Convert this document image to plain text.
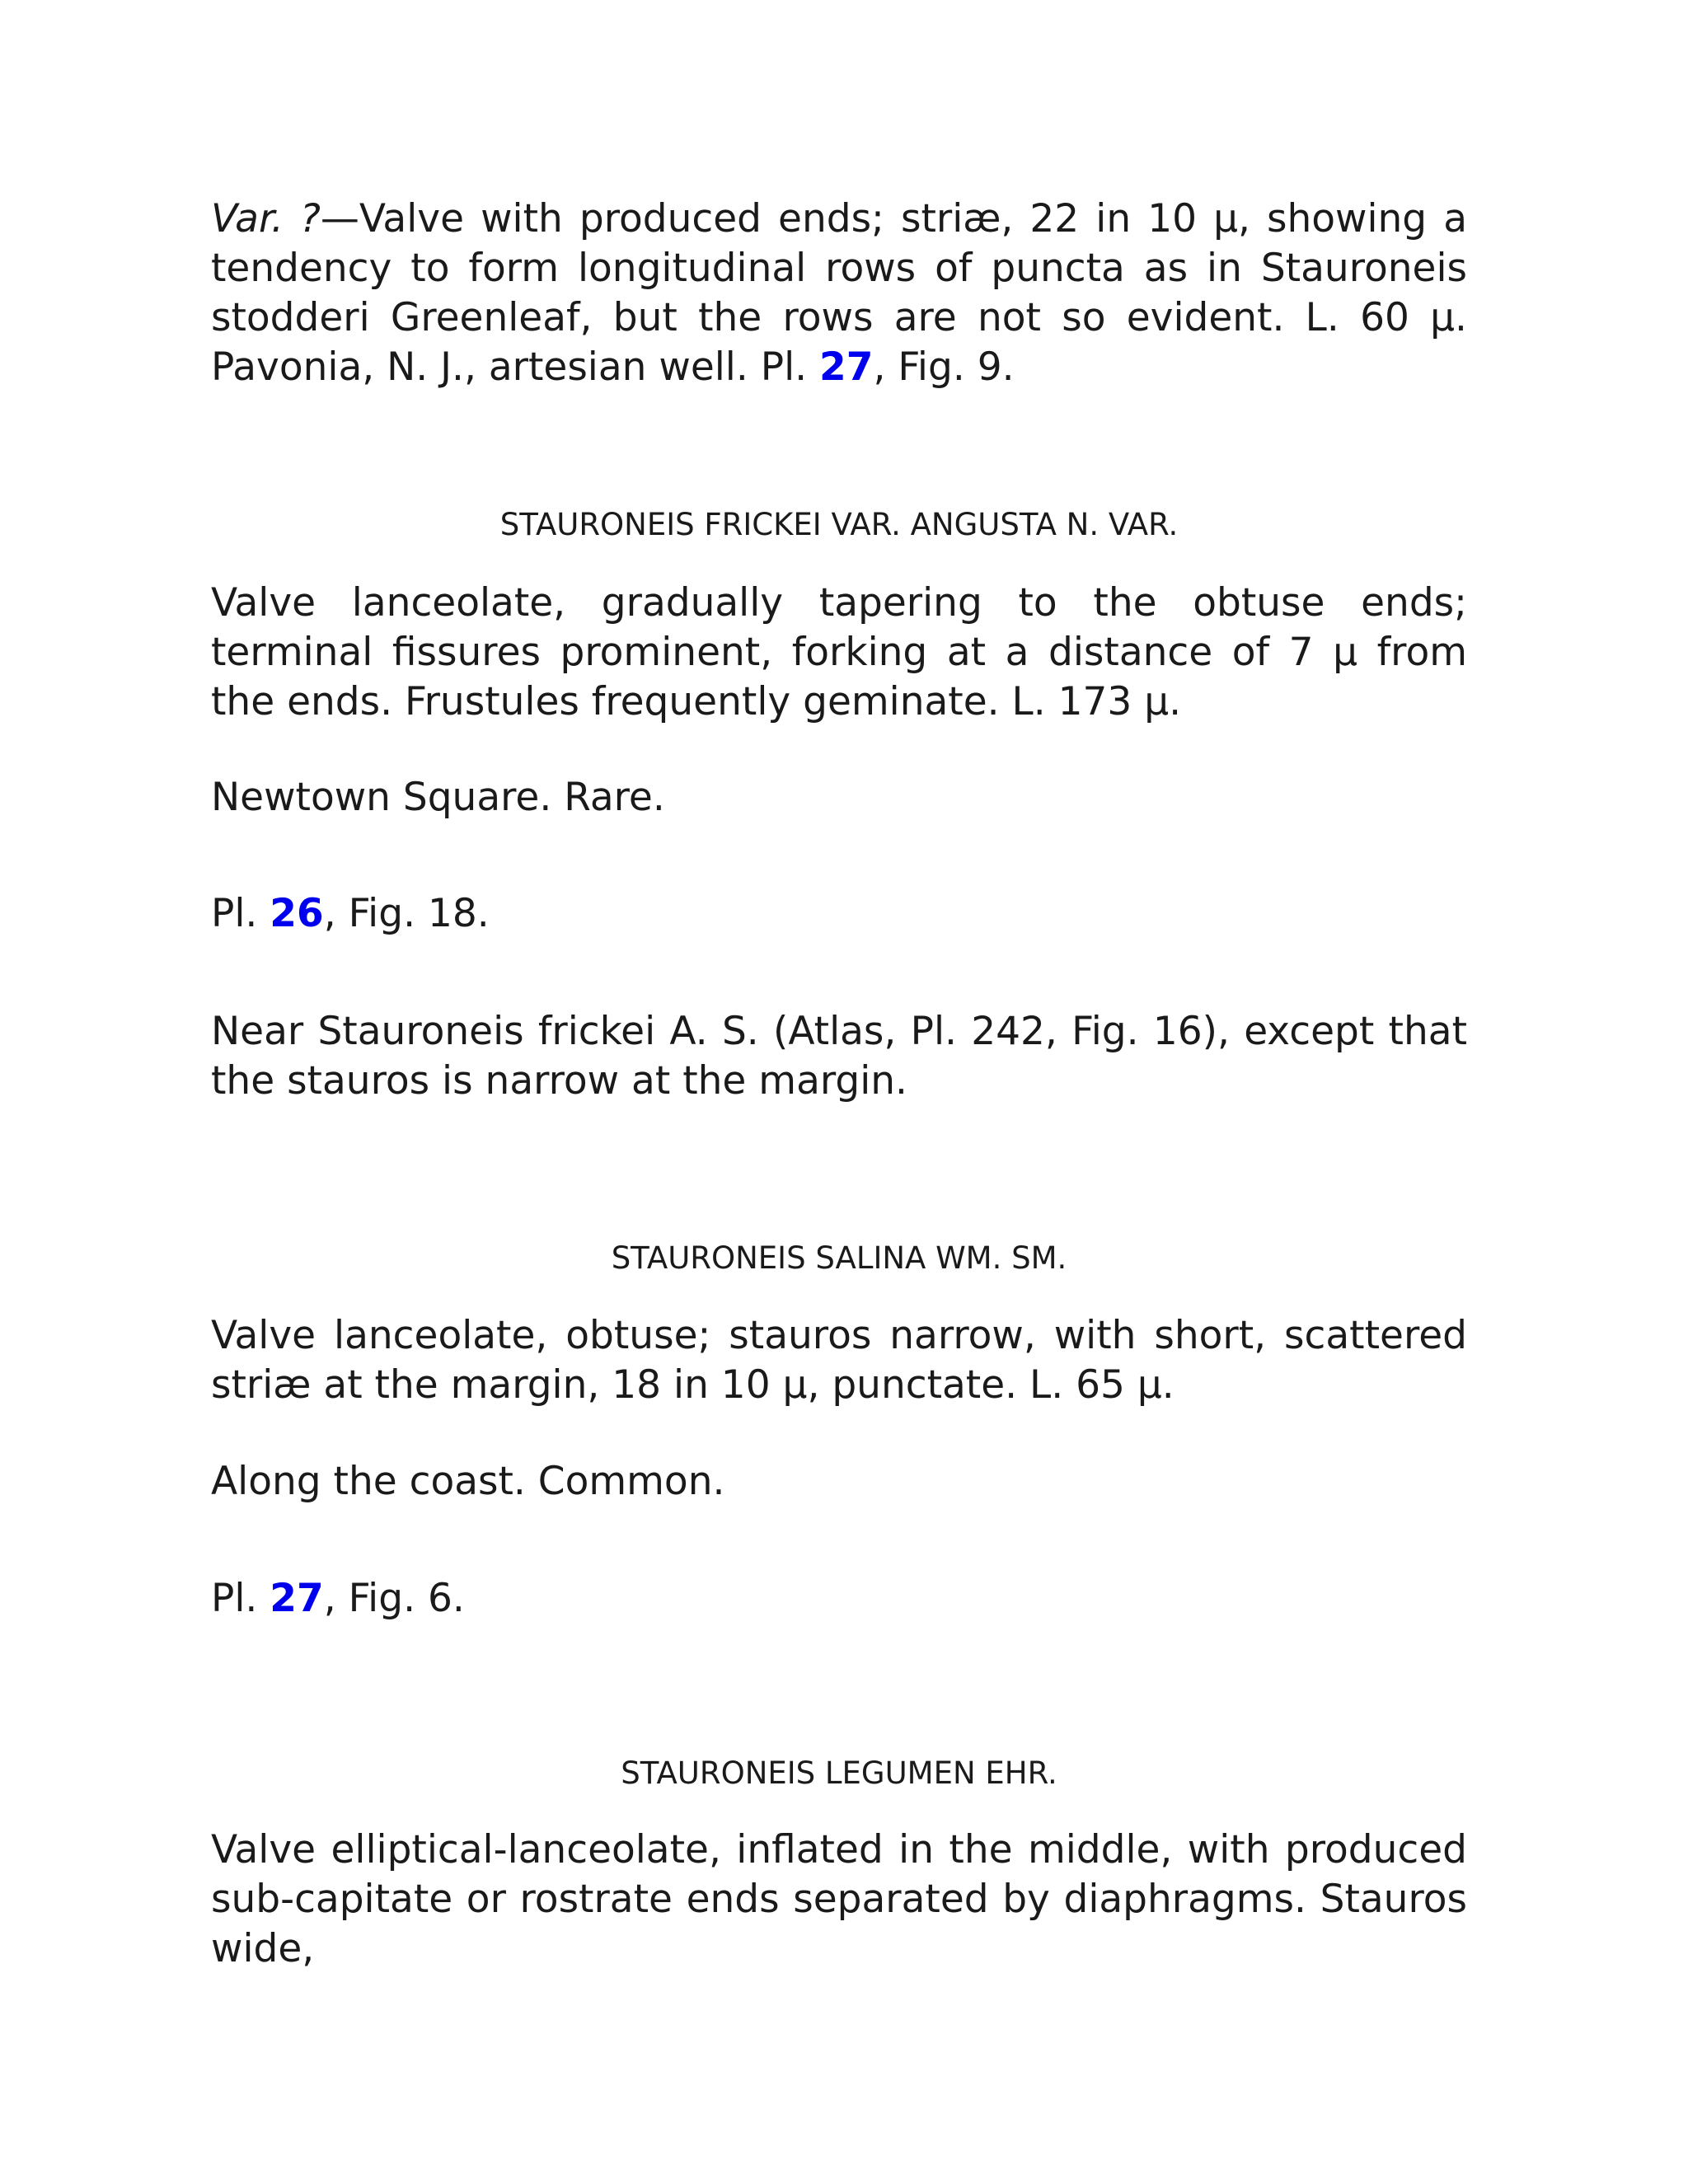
Var. ?—Valve with produced ends; striæ, 22 in 10 µ, showing a tendency to form longitudinal rows of puncta as in Stauroneis stodderi Greenleaf, but the rows are not so evident. L. 60 µ. Pavonia, N. J., artesian well. Pl. 27, Fig. 9.

STAURONEIS FRICKEI VAR. ANGUSTA N. VAR.

Valve lanceolate, gradually tapering to the obtuse ends; terminal fissures prominent, forking at a distance of 7 µ from the ends. Frustules frequently geminate. L. 173 µ.

Newtown Square. Rare.

Pl. 26, Fig. 18.

Near Stauroneis frickei A. S. (Atlas, Pl. 242, Fig. 16), except that the stauros is narrow at the margin.

STAURONEIS SALINA WM. SM.

Valve lanceolate, obtuse; stauros narrow, with short, scattered striæ at the margin, 18 in 10 µ, punctate. L. 65 µ.

Along the coast. Common.

Pl. 27, Fig. 6.

STAURONEIS LEGUMEN EHR.

Valve elliptical-lanceolate, inflated in the middle, with produced sub-capitate or rostrate ends separated by diaphragms. Stauros wide,
